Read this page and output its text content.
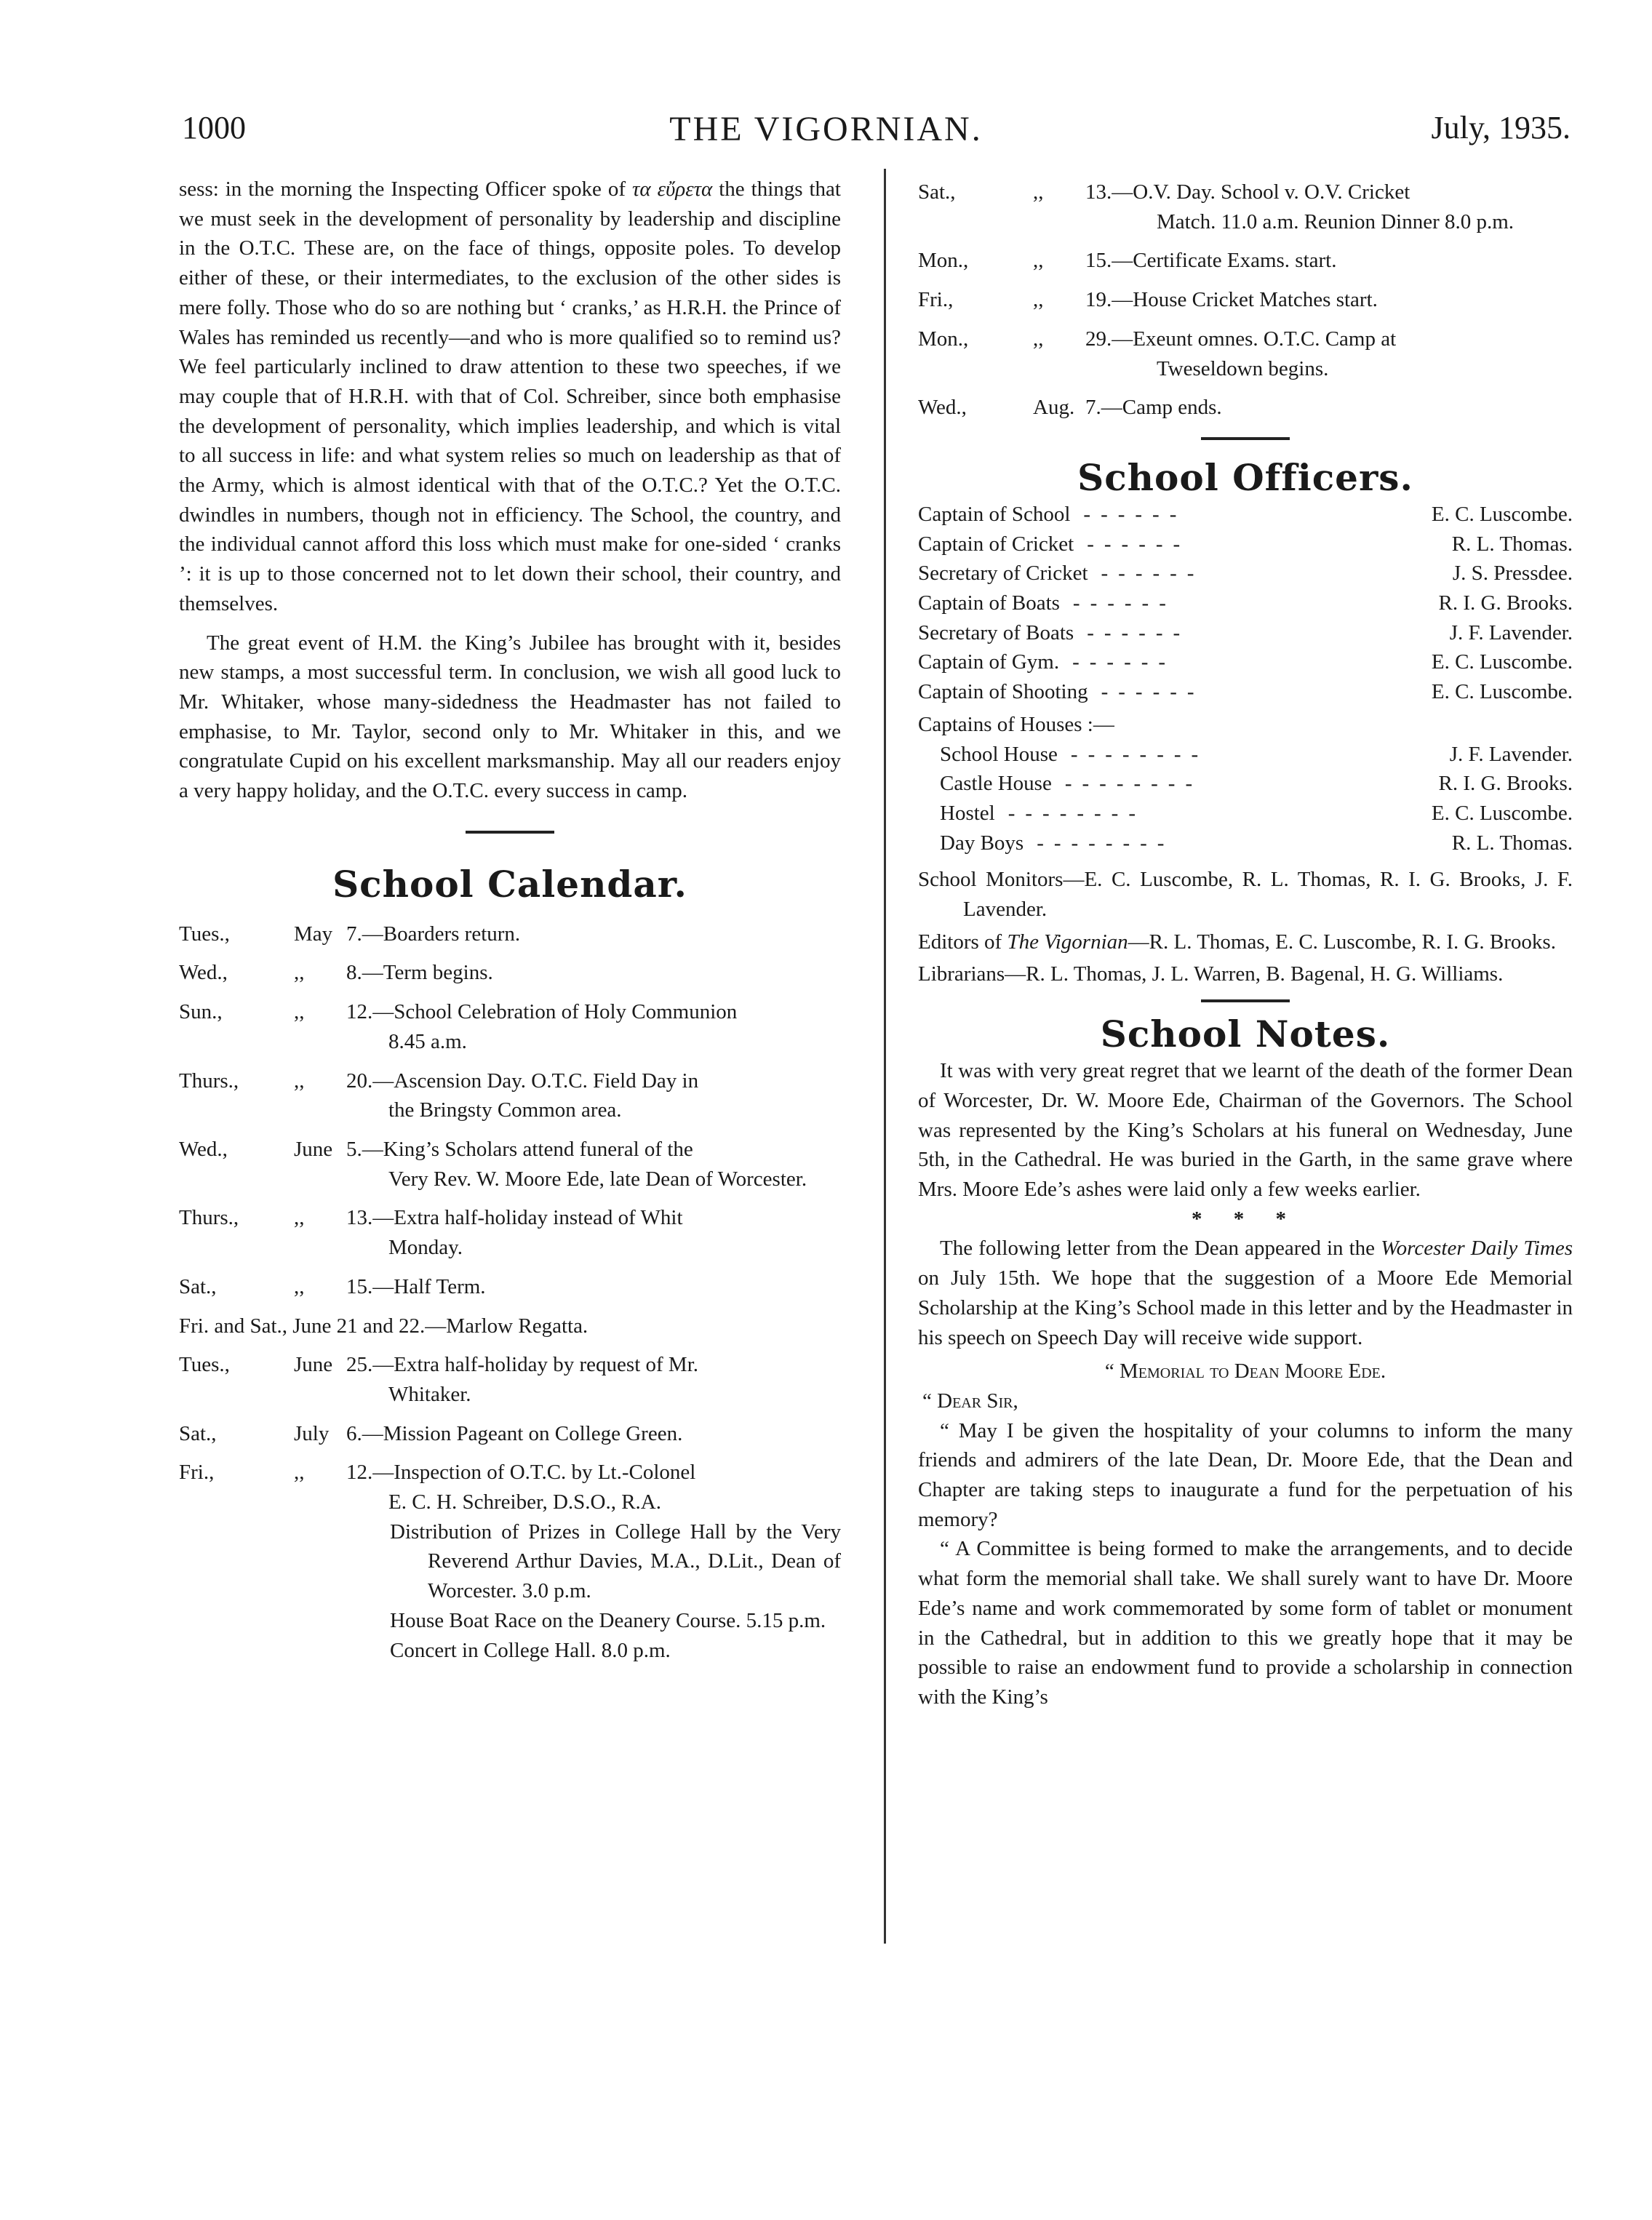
1000	THE VIGORNIAN.	July, 1935.

sess: in the morning the Inspecting Officer spoke of τα εὔρετα the things that we must seek in the development of personality by leadership and discipline in the O.T.C. These are, on the face of things, opposite poles. To develop either of these, or their intermediates, to the exclusion of the other sides is mere folly. Those who do so are nothing but ‘ cranks,’ as H.R.H. the Prince of Wales has reminded us recently—and who is more qualified so to remind us? We feel particularly inclined to draw attention to these two speeches, if we may couple that of H.R.H. with that of Col. Schreiber, since both emphasise the development of personality, which implies leadership, and which is vital to all success in life: and what system relies so much on leadership as that of the Army, which is almost identical with that of the O.T.C.? Yet the O.T.C. dwindles in numbers, though not in efficiency. The School, the country, and the individual cannot afford this loss which must make for one-sided ‘ cranks ’: it is up to those concerned not to let down their school, their country, and themselves.

The great event of H.M. the King’s Jubilee has brought with it, besides new stamps, a most successful term. In conclusion, we wish all good luck to Mr. Whitaker, whose many-sidedness the Headmaster has not failed to emphasise, to Mr. Taylor, second only to Mr. Whitaker in this, and we congratulate Cupid on his excellent marksmanship. May all our readers enjoy a very happy holiday, and the O.T.C. every success in camp.

School Calendar.
Tues.,	May 7.—Boarders return.
Wed.,	,,	8.—Term begins.
Sun.,	,,	12.—School Celebration of Holy Communion
8.45 a.m.
Thurs.,	,,	20.—Ascension Day. O.T.C. Field Day in
the Bringsty Common area.
Wed.,	June 5.—King’s Scholars attend funeral of the
Very Rev. W. Moore Ede, late Dean of Worcester.
Thurs.,	,,	13.—Extra half-holiday instead of Whit
Monday.
Sat.,	,,	15.—Half Term.
Fri. and Sat., June 21 and 22.—Marlow Regatta.
Tues.,	June 25.—Extra half-holiday by request of Mr.
Whitaker.
Sat.,	July 6.—Mission Pageant on College Green.
Fri.,	,,	12.—Inspection of O.T.C. by Lt.-Colonel
E. C. H. Schreiber, D.S.O., R.A.

Distribution of Prizes in College Hall by the Very Reverend Arthur Davies, M.A., D.Lit., Dean of Worcester. 3.0 p.m.

House Boat Race on the Deanery Course. 5.15 p.m.

Concert in College Hall. 8.0 p.m.

Sat.,	,,	13.—O.V. Day. School v. O.V. Cricket
Match. 11.0 a.m. Reunion Dinner 8.0 p.m.
Mon.,	,,	15.—Certificate Exams. start.
Fri.,	,,	19.—House Cricket Matches start.
Mon.,	,,	29.—Exeunt omnes. O.T.C. Camp at
Tweseldown begins.
Wed.,	Aug. 7.—Camp ends.
School Officers.
Captain of School ------	E. C. Luscombe.
Captain of Cricket ------	R. L. Thomas.
Secretary of Cricket ------	J. S. Pressdee.
Captain of Boats ------	R. I. G. Brooks.
Secretary of Boats ------	J. F. Lavender.
Captain of Gym. ------	E. C. Luscombe.
Captain of Shooting ------	E. C. Luscombe.
Captains of Houses :—
School House --------	J. F. Lavender.
Castle House --------	R. I. G. Brooks.
Hostel --------	E. C. Luscombe.
Day Boys --------	R. L. Thomas.

School Monitors—E. C. Luscombe, R. L. Thomas, R. I. G. Brooks, J. F. Lavender.

Editors of The Vigornian—R. L. Thomas, E. C. Luscombe, R. I. G. Brooks.

Librarians—R. L. Thomas, J. L. Warren, B. Bagenal, H. G. Williams.

School Notes.

It was with very great regret that we learnt of the death of the former Dean of Worcester, Dr. W. Moore Ede, Chairman of the Governors. The School was represented by the King’s Scholars at his funeral on Wednesday, June 5th, in the Cathedral. He was buried in the Garth, in the same grave where Mrs. Moore Ede’s ashes were laid only a few weeks earlier.

* * *

The following letter from the Dean appeared in the Worcester Daily Times on July 15th. We hope that the suggestion of a Moore Ede Memorial Scholarship at the King’s School made in this letter and by the Headmaster in his speech on Speech Day will receive wide support.

“ Memorial to Dean Moore Ede.
“ Dear Sir,

“ May I be given the hospitality of your columns to inform the many friends and admirers of the late Dean, Dr. Moore Ede, that the Dean and Chapter are taking steps to inaugurate a fund for the perpetuation of his memory?

“ A Committee is being formed to make the arrangements, and to decide what form the memorial shall take. We shall surely want to have Dr. Moore Ede’s name and work commemorated by some form of tablet or monument in the Cathedral, but in addition to this we greatly hope that it may be possible to raise an endowment fund to provide a scholarship in connection with the King’s
